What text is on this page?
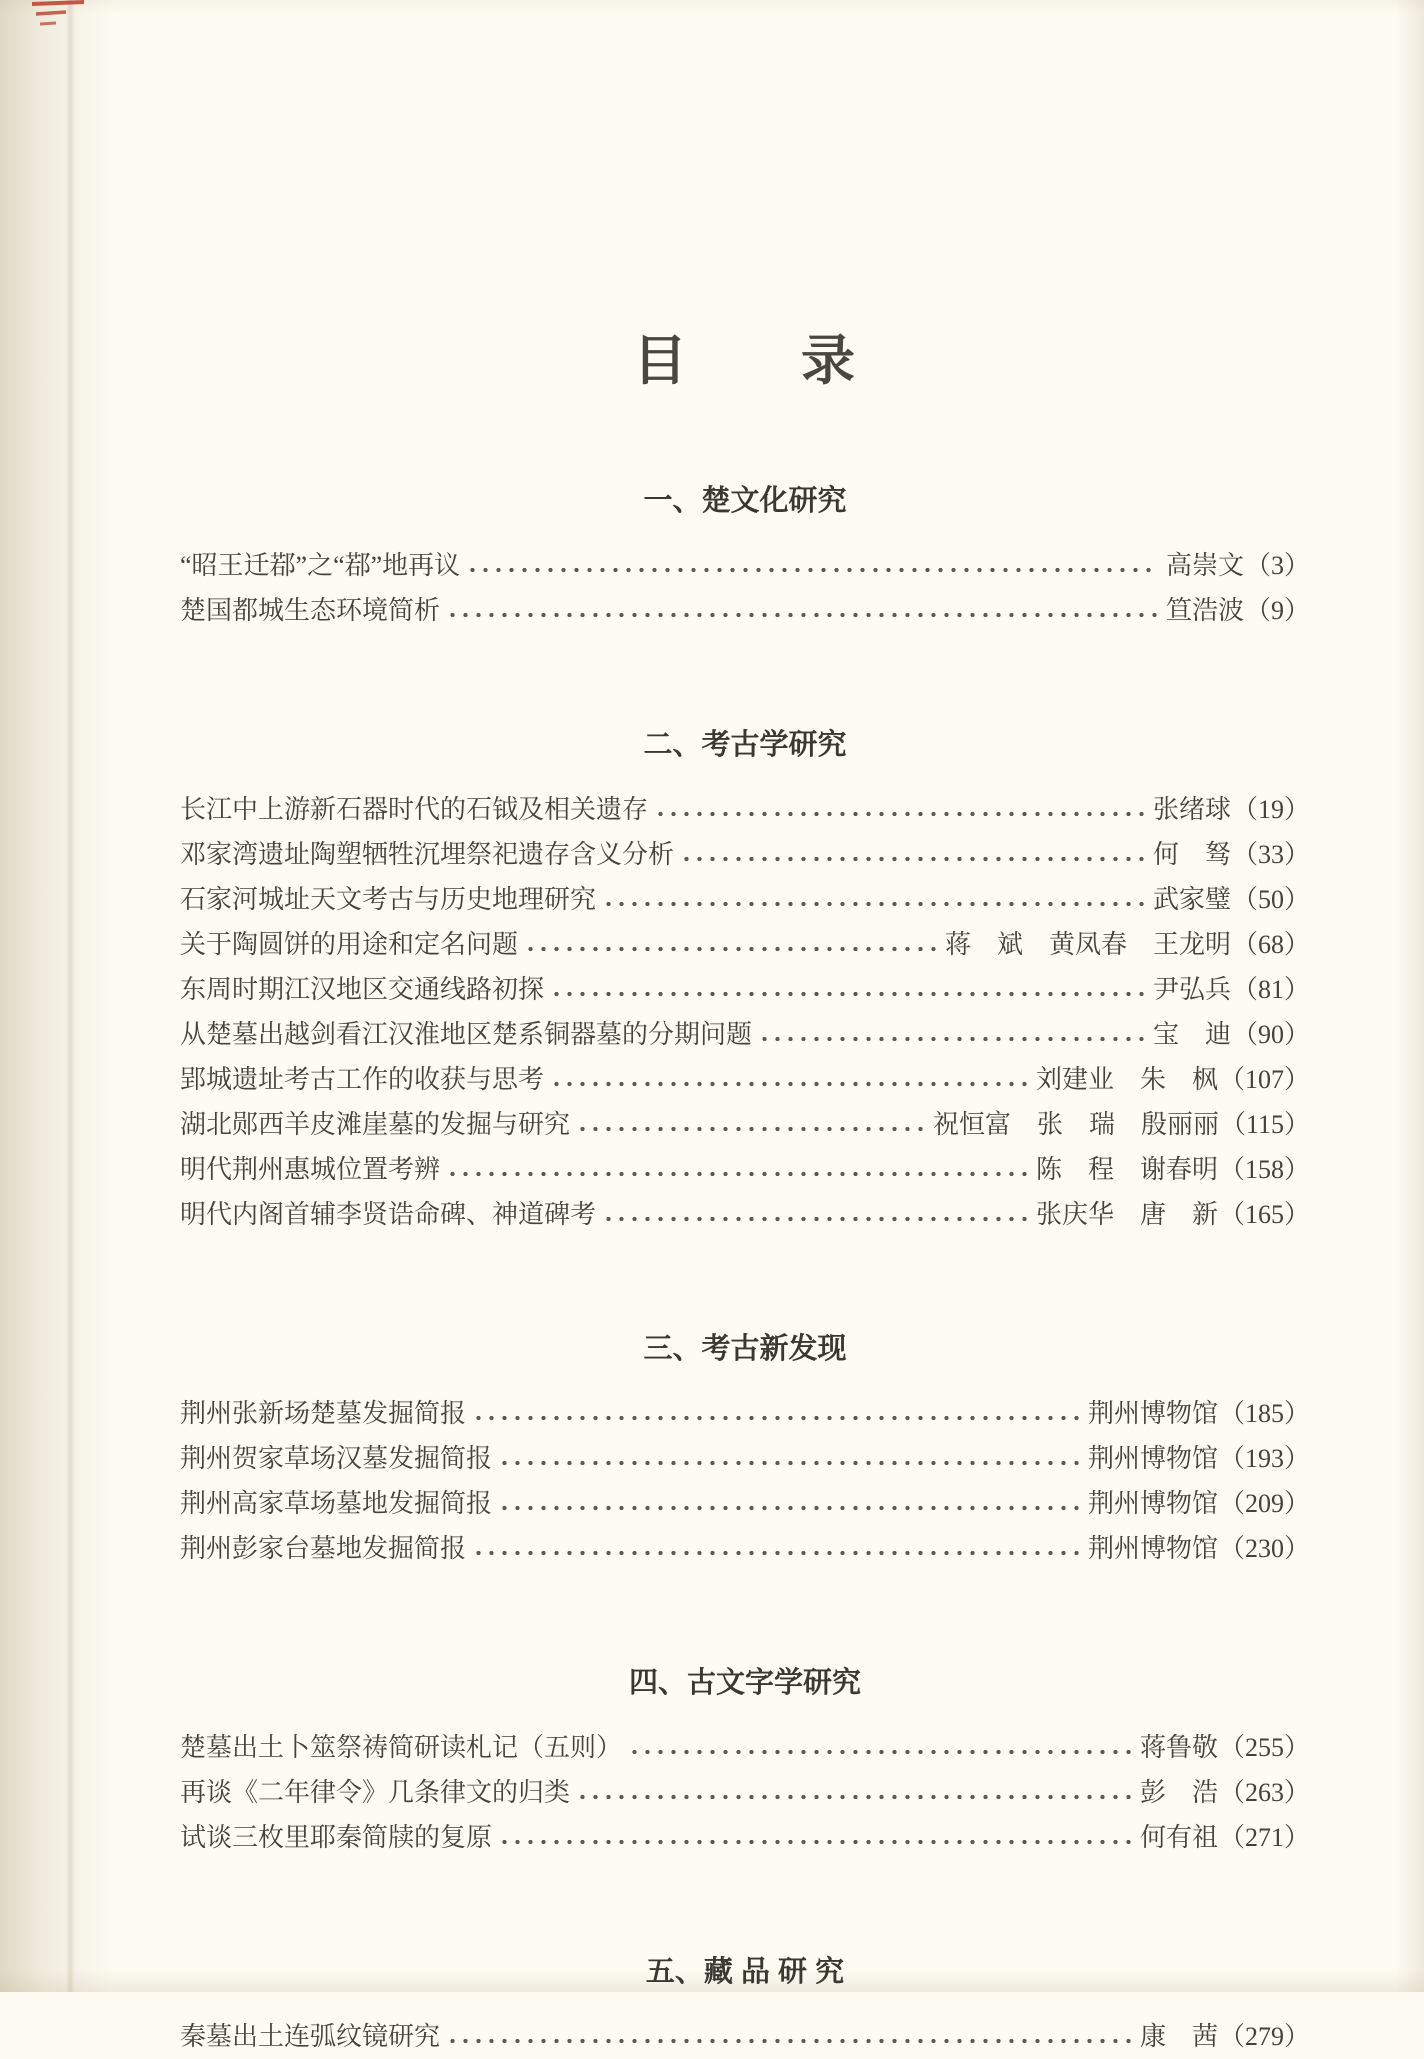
目　　录
一、楚文化研究
“昭王迁鄀”之“鄀”地再议	高崇文（3）
楚国都城生态环境简析	笪浩波（9）
二、考古学研究
长江中上游新石器时代的石钺及相关遗存	张绪球（19）
邓家湾遗址陶塑牺牲沉埋祭祀遗存含义分析	何　驽（33）
石家河城址天文考古与历史地理研究	武家璧（50）
关于陶圆饼的用途和定名问题	蒋　斌　黄凤春　王龙明（68）
东周时期江汉地区交通线路初探	尹弘兵（81）
从楚墓出越剑看江汉淮地区楚系铜器墓的分期问题	宝　迪（90）
郢城遗址考古工作的收获与思考	刘建业　朱　枫（107）
湖北郧西羊皮滩崖墓的发掘与研究	祝恒富　张　瑞　殷丽丽（115）
明代荆州惠城位置考辨	陈　程　谢春明（158）
明代内阁首辅李贤诰命碑、神道碑考	张庆华　唐　新（165）
三、考古新发现
荆州张新场楚墓发掘简报	荆州博物馆（185）
荆州贺家草场汉墓发掘简报	荆州博物馆（193）
荆州高家草场墓地发掘简报	荆州博物馆（209）
荆州彭家台墓地发掘简报	荆州博物馆（230）
四、古文字学研究
楚墓出土卜筮祭祷简研读札记（五则）	蒋鲁敬（255）
再谈《二年律令》几条律文的归类	彭　浩（263）
试谈三枚里耶秦简牍的复原	何有祖（271）
五、藏 品 研 究
秦墓出土连弧纹镜研究	康　茜（279）
